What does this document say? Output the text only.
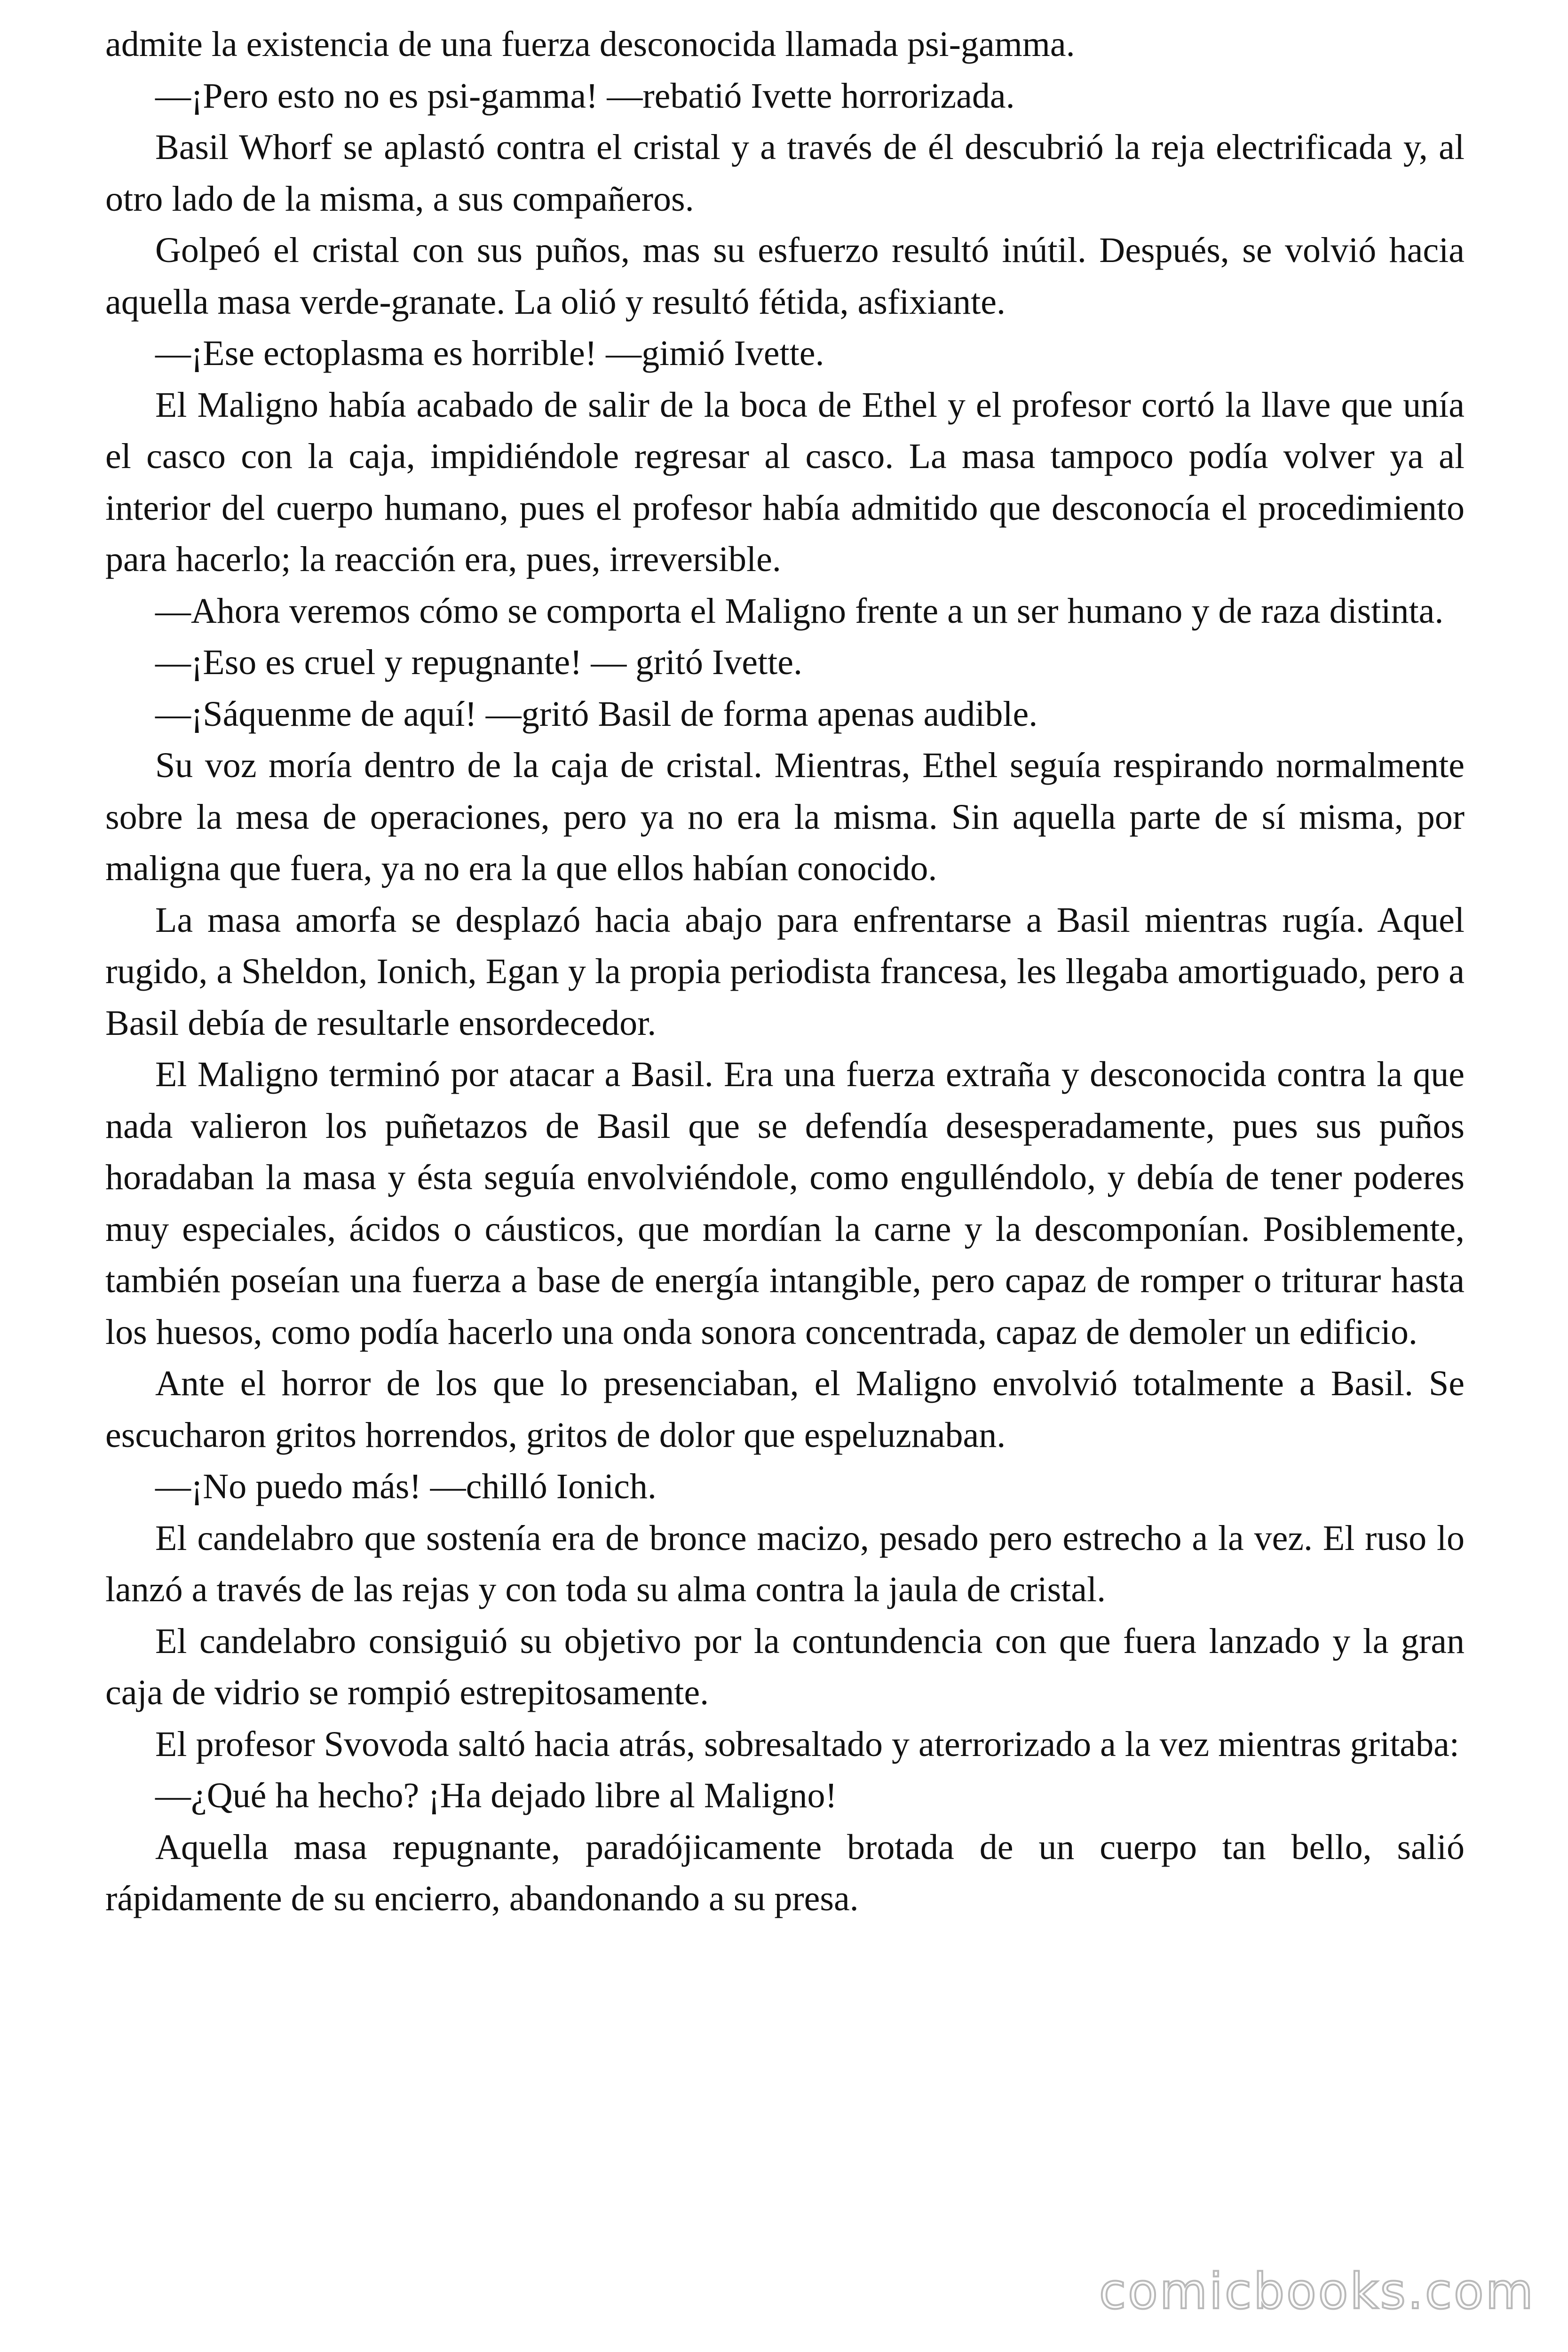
admite la existencia de una fuerza desconocida llamada psi-gamma.

—¡Pero esto no es psi-gamma! —rebatió Ivette horrorizada.

Basil Whorf se aplastó contra el cristal y a través de él descubrió la reja electrificada y, al otro lado de la misma, a sus compañeros.

Golpeó el cristal con sus puños, mas su esfuerzo resultó inútil. Después, se volvió hacia aquella masa verde-granate. La olió y resultó fétida, asfixiante.

—¡Ese ectoplasma es horrible! —gimió Ivette.

El Maligno había acabado de salir de la boca de Ethel y el profesor cortó la llave que unía el casco con la caja, impidiéndole regresar al casco. La masa tampoco podía volver ya al interior del cuerpo humano, pues el profesor había admitido que desconocía el procedimiento para hacerlo; la reacción era, pues, irreversible.

—Ahora veremos cómo se comporta el Maligno frente a un ser humano y de raza distinta.

—¡Eso es cruel y repugnante! — gritó Ivette.

—¡Sáquenme de aquí! —gritó Basil de forma apenas audible.

Su voz moría dentro de la caja de cristal. Mientras, Ethel seguía respirando normalmente sobre la mesa de operaciones, pero ya no era la misma. Sin aquella parte de sí misma, por maligna que fuera, ya no era la que ellos habían conocido.

La masa amorfa se desplazó hacia abajo para enfrentarse a Basil mientras rugía. Aquel rugido, a Sheldon, Ionich, Egan y la propia periodista francesa, les llegaba amortiguado, pero a Basil debía de resultarle ensordecedor.

El Maligno terminó por atacar a Basil. Era una fuerza extraña y desconocida contra la que nada valieron los puñetazos de Basil que se defendía desesperadamente, pues sus puños horadaban la masa y ésta seguía envolviéndole, como engulléndolo, y debía de tener poderes muy especiales, ácidos o cáusticos, que mordían la carne y la descomponían. Posiblemente, también poseían una fuerza a base de energía intangible, pero capaz de romper o triturar hasta los huesos, como podía hacerlo una onda sonora concentrada, capaz de demoler un edificio.

Ante el horror de los que lo presenciaban, el Maligno envolvió totalmente a Basil. Se escucharon gritos horrendos, gritos de dolor que espeluznaban.

—¡No puedo más! —chilló Ionich.

El candelabro que sostenía era de bronce macizo, pesado pero estrecho a la vez. El ruso lo lanzó a través de las rejas y con toda su alma contra la jaula de cristal.

El candelabro consiguió su objetivo por la contundencia con que fuera lanzado y la gran caja de vidrio se rompió estrepitosamente.

El profesor Svovoda saltó hacia atrás, sobresaltado y aterrorizado a la vez mientras gritaba:

—¿Qué ha hecho? ¡Ha dejado libre al Maligno!

Aquella masa repugnante, paradójicamente brotada de un cuerpo tan bello, salió rápidamente de su encierro, abandonando a su presa.

comicbooks.com
